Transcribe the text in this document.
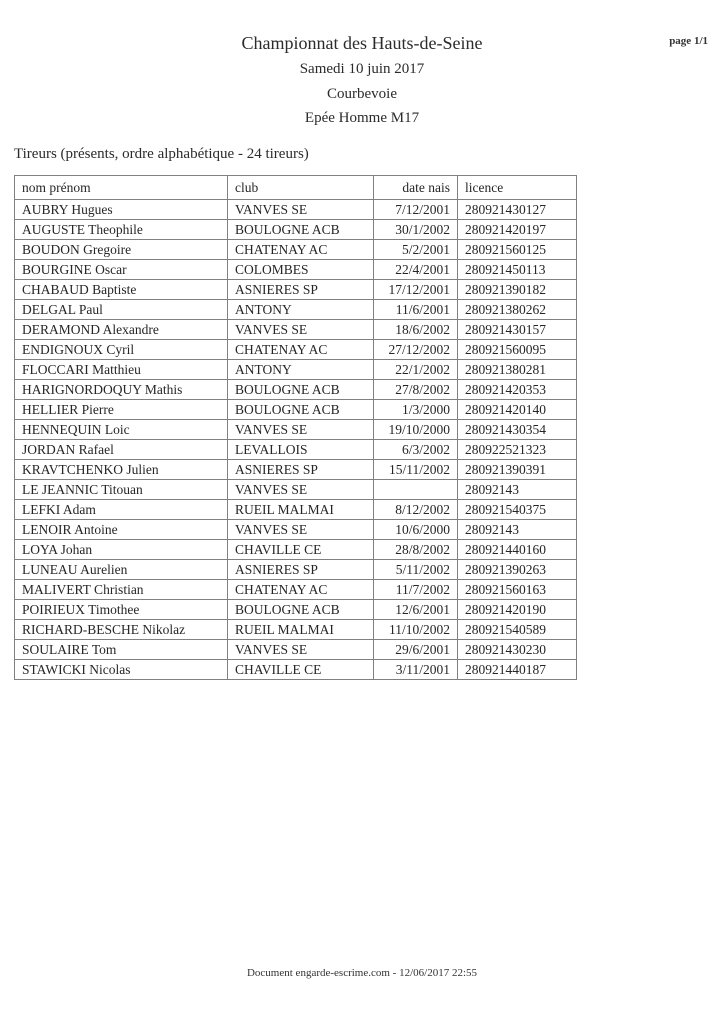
page 1/1
Championnat des Hauts-de-Seine
Samedi 10 juin 2017
Courbevoie
Epée Homme M17
Tireurs (présents, ordre alphabétique - 24 tireurs)
nom prénom	club	date nais	licence
AUBRY Hugues	VANVES SE	7/12/2001	280921430127
AUGUSTE Theophile	BOULOGNE ACB	30/1/2002	280921420197
BOUDON Gregoire	CHATENAY AC	5/2/2001	280921560125
BOURGINE Oscar	COLOMBES	22/4/2001	280921450113
CHABAUD Baptiste	ASNIERES SP	17/12/2001	280921390182
DELGAL Paul	ANTONY	11/6/2001	280921380262
DERAMOND Alexandre	VANVES SE	18/6/2002	280921430157
ENDIGNOUX Cyril	CHATENAY AC	27/12/2002	280921560095
FLOCCARI Matthieu	ANTONY	22/1/2002	280921380281
HARIGNORDOQUY Mathis	BOULOGNE ACB	27/8/2002	280921420353
HELLIER Pierre	BOULOGNE ACB	1/3/2000	280921420140
HENNEQUIN Loic	VANVES SE	19/10/2000	280921430354
JORDAN Rafael	LEVALLOIS	6/3/2002	280922521323
KRAVTCHENKO Julien	ASNIERES SP	15/11/2002	280921390391
LE JEANNIC Titouan	VANVES SE		28092143
LEFKI Adam	RUEIL MALMAI	8/12/2002	280921540375
LENOIR Antoine	VANVES SE	10/6/2000	28092143
LOYA Johan	CHAVILLE CE	28/8/2002	280921440160
LUNEAU Aurelien	ASNIERES SP	5/11/2002	280921390263
MALIVERT Christian	CHATENAY AC	11/7/2002	280921560163
POIRIEUX Timothee	BOULOGNE ACB	12/6/2001	280921420190
RICHARD-BESCHE Nikolaz	RUEIL MALMAI	11/10/2002	280921540589
SOULAIRE Tom	VANVES SE	29/6/2001	280921430230
STAWICKI Nicolas	CHAVILLE CE	3/11/2001	280921440187
Document engarde-escrime.com - 12/06/2017 22:55
